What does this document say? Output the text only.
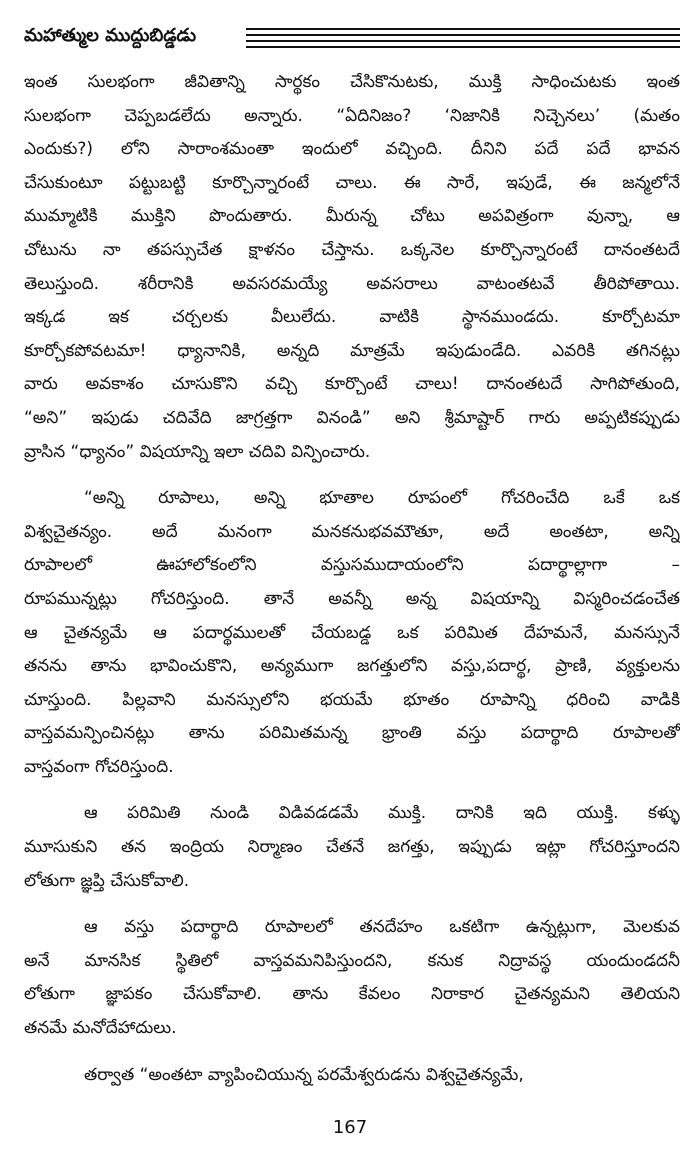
మహాత్ముల ముద్దుబిడ్డడు
ఇంత సులభంగా జీవితాన్ని సార్థకం చేసికొనుటకు, ముక్తి సాధించుటకు ఇంత
సులభంగా చెప్పబడలేదు అన్నారు. “ఏదినిజం? ‘నిజానికి నిచ్చెనలు’ (మతం
ఎందుకు?) లోని సారాంశమంతా ఇందులో వచ్చింది. దీనిని పదే పదే భావన
చేసుకుంటూ పట్టుబట్టి కూర్చొన్నారంటే చాలు. ఈ సారే, ఇపుడే, ఈ జన్మలోనే
ముమ్మాటికి ముక్తిని పొందుతారు. మీరున్న చోటు అపవిత్రంగా వున్నా, ఆ
చోటును నా తపస్సుచేత క్షాళనం చేస్తాను. ఒక్కనెల కూర్చొన్నారంటే దానంతటదే
తెలుస్తుంది. శరీరానికి అవసరమయ్యే అవసరాలు వాటంతటవే తీరిపోతాయి.
ఇక్కడ ఇక చర్చలకు వీలులేదు. వాటికి స్థానముండదు. కూర్చోటమా
కూర్చోకపోవటమా! ధ్యానానికి, అన్నది మాత్రమే ఇపుడుండేది. ఎవరికి తగినట్లు
వారు అవకాశం చూసుకొని వచ్చి కూర్చొంటే చాలు! దానంతటదే సాగిపోతుంది,
“అని” ఇపుడు చదివేది జాగ్రత్తగా వినండి” అని శ్రీమాష్టార్ గారు అప్పటికప్పుడు
వ్రాసిన “ధ్యానం” విషయాన్ని ఇలా చదివి విన్పించారు.
“అన్ని రూపాలు, అన్ని భూతాల రూపంలో గోచరించేది ఒకే ఒక
విశ్వచైతన్యం. అదే మనంగా మనకనుభవమౌతూ, అదే అంతటా, అన్ని
రూపాలలో ఊహాలోకంలోని వస్తుసముదాయంలోని పదార్థాల్లాగా –
రూపమున్నట్లు గోచరిస్తుంది. తానే అవన్నీ అన్న విషయాన్ని విస్మరించడంచేత
ఆ చైతన్యమే ఆ పదార్థములతో చేయబడ్డ ఒక పరిమిత దేహమనే, మనస్సునే
తనను తాను భావించుకొని, అన్యముగా జగత్తులోని వస్తు,పదార్థ, ప్రాణి, వ్యక్తులను
చూస్తుంది. పిల్లవాని మనస్సులోని భయమే భూతం రూపాన్ని ధరించి వాడికి
వాస్తవమన్పించినట్లు తాను పరిమితమన్న భ్రాంతి వస్తు పదార్థాది రూపాలతో
వాస్తవంగా గోచరిస్తుంది.
ఆ పరిమితి నుండి విడివడడమే ముక్తి. దానికి ఇది యుక్తి. కళ్ళు
మూసుకుని తన ఇంద్రియ నిర్మాణం చేతనే జగత్తు, ఇప్పుడు ఇట్లా గోచరిస్తూందని
లోతుగా జ్ఞప్తి చేసుకోవాలి.
ఆ వస్తు పదార్థాది రూపాలలో తనదేహం ఒకటిగా ఉన్నట్లుగా, మెలకువ
అనే మానసిక స్థితిలో వాస్తవమనిపిస్తుందని, కనుక నిద్రావస్థ యందుండదనీ
లోతుగా జ్ఞాపకం చేసుకోవాలి. తాను కేవలం నిరాకార చైతన్యమని తెలియని
తనమే మనోదేహాదులు.
తర్వాత “అంతటా వ్యాపించియున్న పరమేశ్వరుడను విశ్వచైతన్యమే,
167
